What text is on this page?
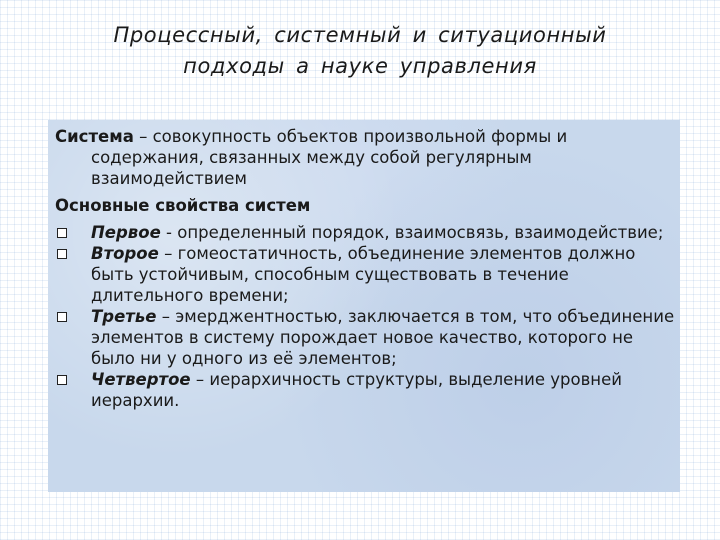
Процессный, системный и ситуационный
подходы а науке управления

Система – совокупность объектов произвольной формы и содержания, связанных между собой регулярным взаимодействием

Основные свойства систем

Первое - определенный порядок, взаимосвязь, взаимодействие;
Второе – гомеостатичность, объединение элементов должно быть устойчивым, способным существовать в течение длительного времени;
Третье – эмерджентностью, заключается в том, что объединение элементов в систему порождает новое качество, которого не было ни у одного из её элементов;
Четвертое – иерархичность структуры, выделение уровней иерархии.
